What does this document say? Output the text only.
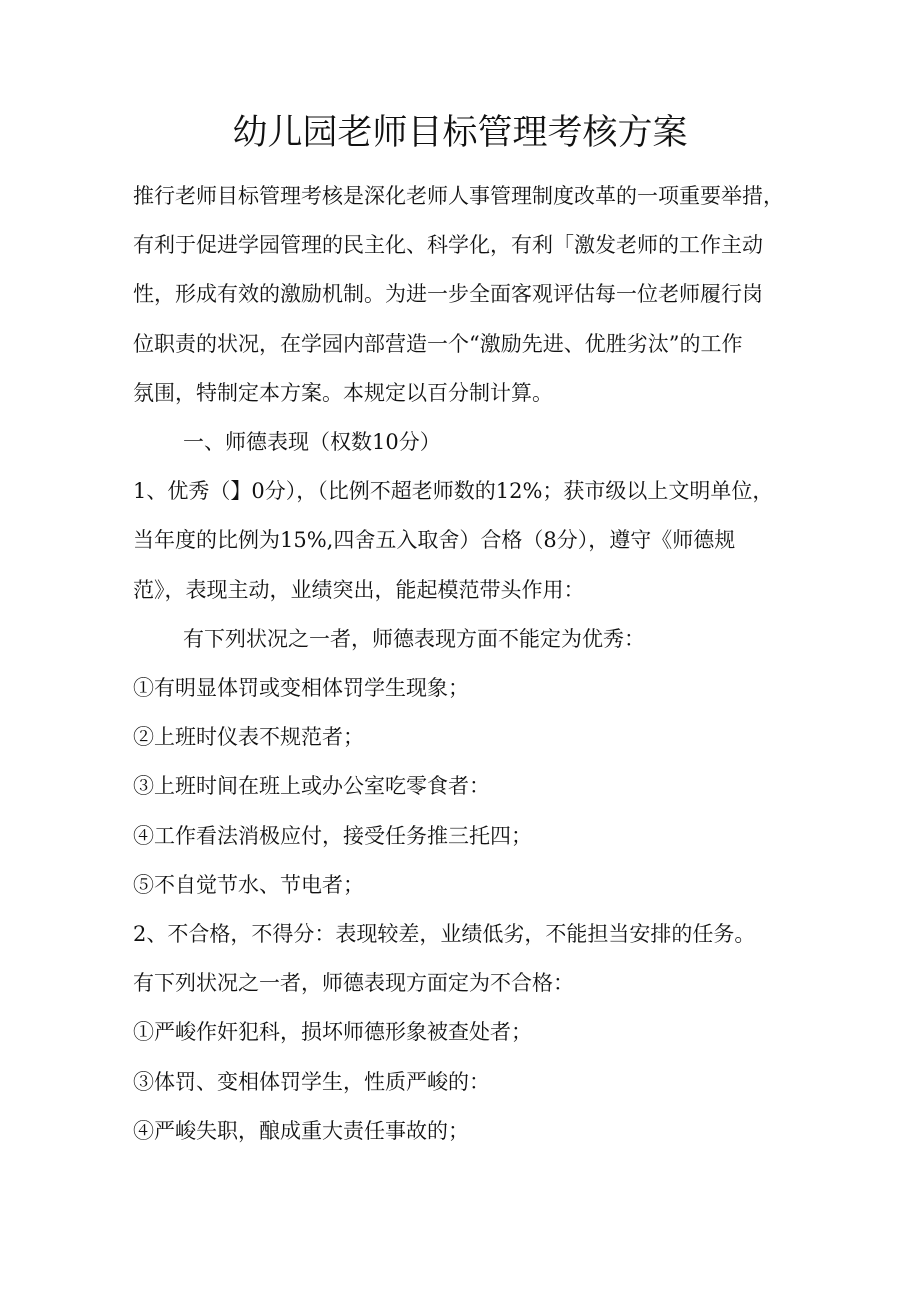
幼儿园老师目标管理考核方案

推行老师目标管理考核是深化老师人事管理制度改革的一项重要举措，

有利于促进学园管理的民主化、科学化，有利「激发老师的工作主动

性，形成有效的激励机制。为进一步全面客观评估每一位老师履行岗

位职责的状况，在学园内部营造一个“激励先进、优胜劣汰”的工作

氛围，特制定本方案。本规定以百分制计算。

一、师德表现（权数10分）

1、优秀（】0分），（比例不超老师数的12%；获市级以上文明单位，

当年度的比例为15%,四舍五入取舍）合格（8分），遵守《师德规

范》，表现主动，业绩突出，能起模范带头作用：

有下列状况之一者，师德表现方面不能定为优秀：

①有明显体罚或变相体罚学生现象；

②上班时仪表不规范者；

③上班时间在班上或办公室吃零食者：

④工作看法消极应付，接受任务推三托四；

⑤不自觉节水、节电者；

2、不合格，不得分：表现较差，业绩低劣，不能担当安排的任务。

有下列状况之一者，师德表现方面定为不合格：

①严峻作奸犯科，损坏师德形象被查处者；

③体罚、变相体罚学生，性质严峻的：

④严峻失职，酿成重大责任事故的；
